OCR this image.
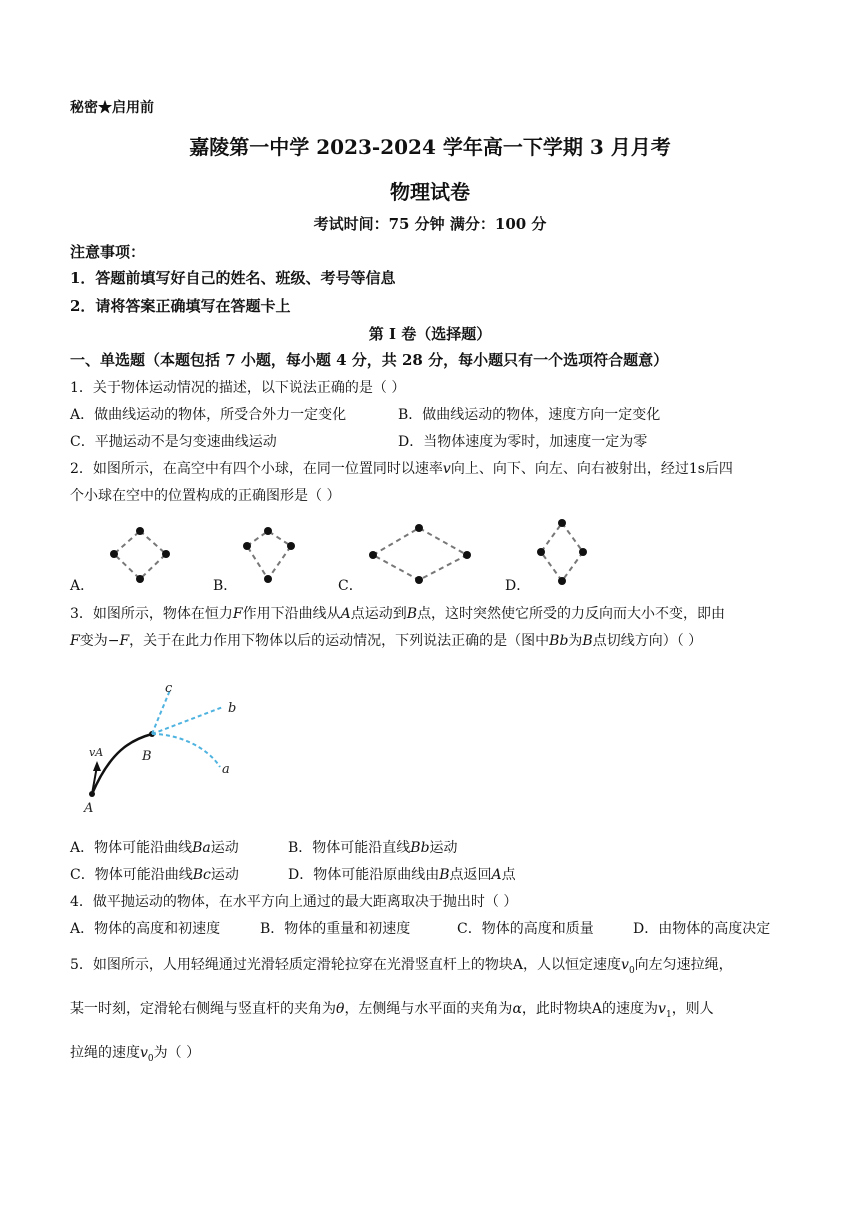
秘密★启用前
嘉陵第一中学 2023-2024 学年高一下学期 3 月月考
物理试卷
考试时间：75 分钟 满分：100 分
注意事项：
1．答题前填写好自己的姓名、班级、考号等信息
2．请将答案正确填写在答题卡上
第 I 卷（选择题）
一、单选题（本题包括 7 小题，每小题 4 分，共 28 分，每小题只有一个选项符合题意）
1．关于物体运动情况的描述，以下说法正确的是（ ）
A．做曲线运动的物体，所受合外力一定变化	B．做曲线运动的物体，速度方向一定变化
C．平抛运动不是匀变速曲线运动	D．当物体速度为零时，加速度一定为零
2．如图所示，在高空中有四个小球，在同一位置同时以速率v向上、向下、向左、向右被射出，经过1s后四
个小球在空中的位置构成的正确图形是（ ）
A．	B．	C．	D．
3．如图所示，物体在恒力F作用下沿曲线从A点运动到B点，这时突然使它所受的力反向而大小不变，即由
F变为−F，关于在此力作用下物体以后的运动情况，下列说法正确的是（图中Bb为B点切线方向）（ ）
c
b
a
B
A
vA
A．物体可能沿曲线Ba运动	B．物体可能沿直线Bb运动
C．物体可能沿曲线Bc运动	D．物体可能沿原曲线由B点返回A点
4．做平抛运动的物体，在水平方向上通过的最大距离取决于抛出时（ ）
A．物体的高度和初速度	B．物体的重量和初速度	C．物体的高度和质量	D．由物体的高度决定
5．如图所示，人用轻绳通过光滑轻质定滑轮拉穿在光滑竖直杆上的物块A，人以恒定速度$v_0$向左匀速拉绳，
某一时刻，定滑轮右侧绳与竖直杆的夹角为θ，左侧绳与水平面的夹角为α，此时物块A的速度为$v_1$，则人
拉绳的速度$v_0$为（ ）
